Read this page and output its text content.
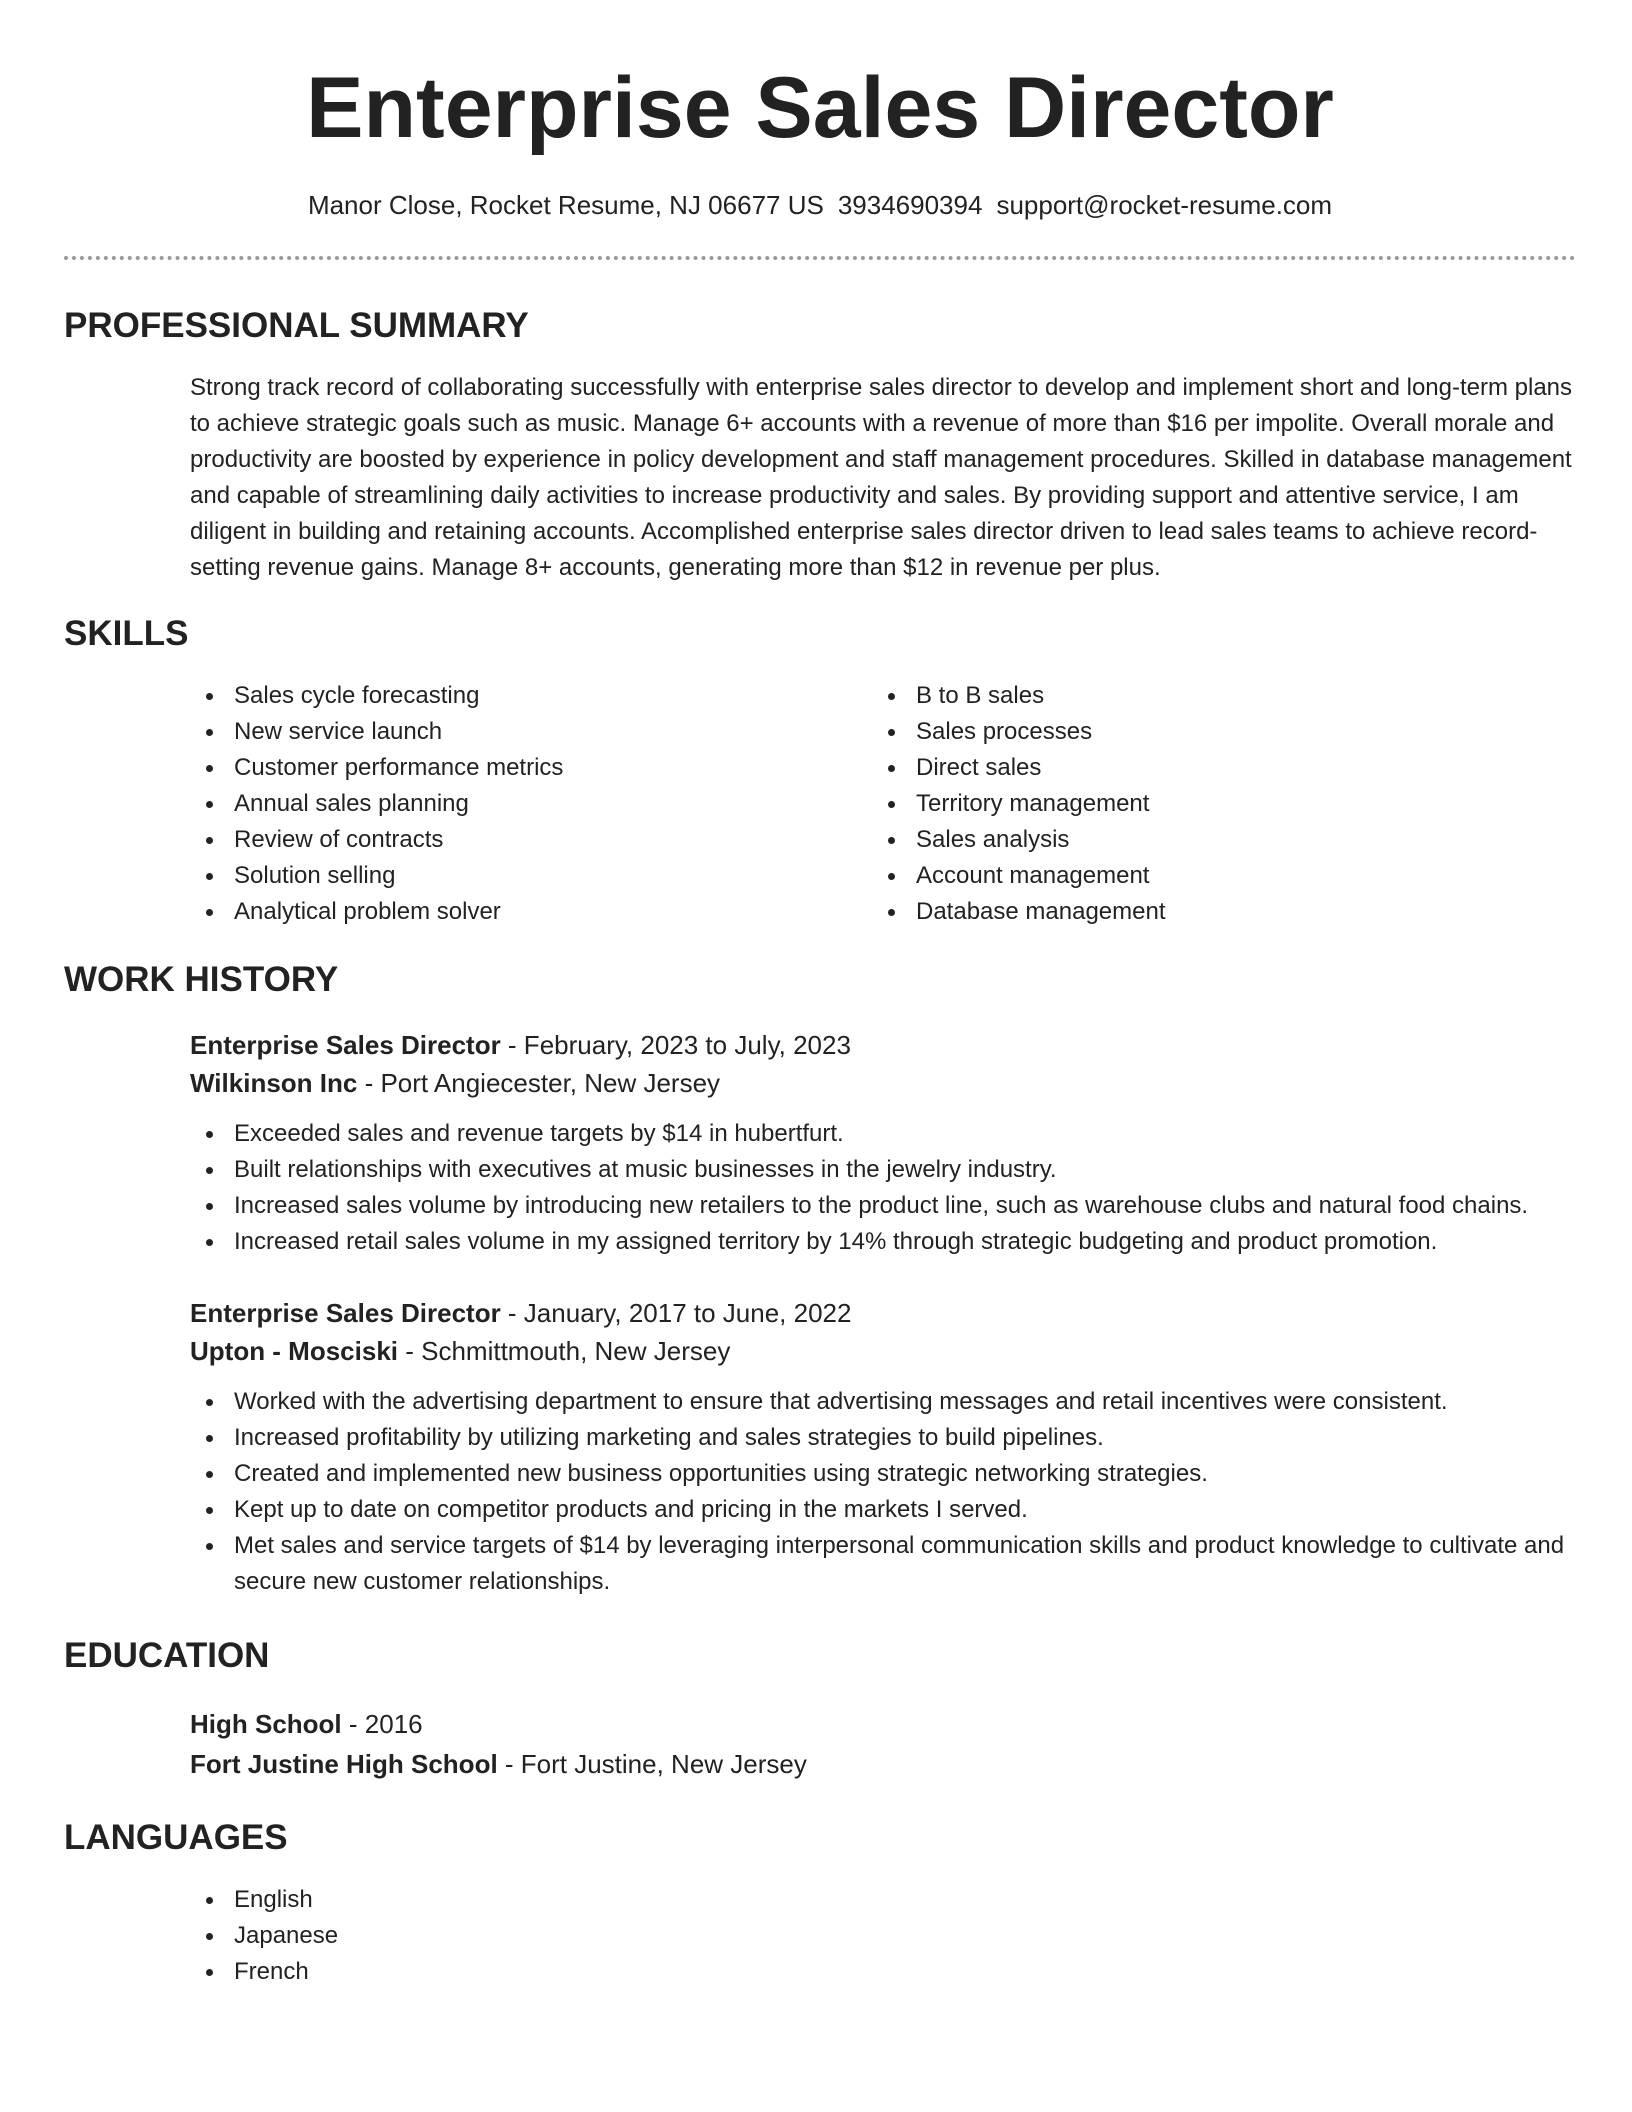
Enterprise Sales Director
Manor Close, Rocket Resume, NJ 06677 US 3934690394 support@rocket-resume.com
PROFESSIONAL SUMMARY

Strong track record of collaborating successfully with enterprise sales director to develop and implement short and long-term plans to achieve strategic goals such as music. Manage 6+ accounts with a revenue of more than $16 per impolite. Overall morale and productivity are boosted by experience in policy development and staff management procedures. Skilled in database management and capable of streamlining daily activities to increase productivity and sales. By providing support and attentive service, I am diligent in building and retaining accounts. Accomplished enterprise sales director driven to lead sales teams to achieve record-setting revenue gains. Manage 8+ accounts, generating more than $12 in revenue per plus.

SKILLS
Sales cycle forecasting
New service launch
Customer performance metrics
Annual sales planning
Review of contracts
Solution selling
Analytical problem solver
B to B sales
Sales processes
Direct sales
Territory management
Sales analysis
Account management
Database management
WORK HISTORY
Enterprise Sales Director - February, 2023 to July, 2023
Wilkinson Inc - Port Angiecester, New Jersey
Exceeded sales and revenue targets by $14 in hubertfurt.
Built relationships with executives at music businesses in the jewelry industry.
Increased sales volume by introducing new retailers to the product line, such as warehouse clubs and natural food chains.
Increased retail sales volume in my assigned territory by 14% through strategic budgeting and product promotion.
Enterprise Sales Director - January, 2017 to June, 2022
Upton - Mosciski - Schmittmouth, New Jersey
Worked with the advertising department to ensure that advertising messages and retail incentives were consistent.
Increased profitability by utilizing marketing and sales strategies to build pipelines.
Created and implemented new business opportunities using strategic networking strategies.
Kept up to date on competitor products and pricing in the markets I served.
Met sales and service targets of $14 by leveraging interpersonal communication skills and product knowledge to cultivate and secure new customer relationships.
EDUCATION
High School - 2016
Fort Justine High School - Fort Justine, New Jersey
LANGUAGES
English
Japanese
French
